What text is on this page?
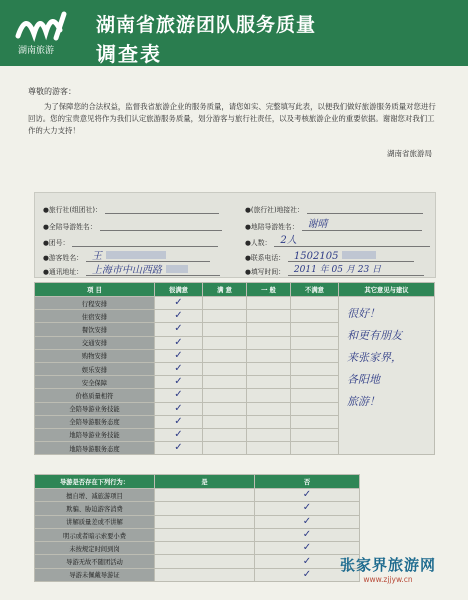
湖南旅游
湖南省旅游团队服务质量
调查表
尊敬的游客：

为了保障您的合法权益，监督我省旅游企业的服务质量，请您如实、完整填写此表，以便我们做好旅游服务质量对您进行回访。您的宝贵意见将作为我们认定旅游服务质量，划分游客与旅行社责任，以及考核旅游企业的重要依据。谢谢您对我们工作的大力支持！

湖南省旅游局
●旅行社(组团社)：	●(旅行社)地接社：
●全陪导游姓名：	●地陪导游姓名： 谢晴
●团号：	●人数： 2人
●游客姓名： 王	●联系电话： 1502105
●通讯地址： 上海市中山西路	●填写时间：	2011 年 05 月 23 日
项 目	很满意	满 意	一 般	不满意	其它意见与建议
行程安排	✓				很好！
和更有朋友
来张家界，
各阳地
旅游！

住宿安排	✓				
餐饮安排	✓				
交通安排	✓				
购物安排	✓				
娱乐安排	✓				
安全保障	✓				
价格质量相符	✓				
全陪导游业务技能	✓				
全陪导游服务态度	✓				
地陪导游业务技能	✓				
地陪导游服务态度	✓				
导游是否存在下列行为：	是	否
擅自增、减旅游项目		✓
欺骗、胁迫游客消费		✓
讲解质量差或不讲解		✓
明示或者暗示索要小费		✓
未按规定时间到岗		✓
导游无故不随团活动		✓
导游未佩戴导游证		✓
张家界旅游网
www.zjjyw.cn
